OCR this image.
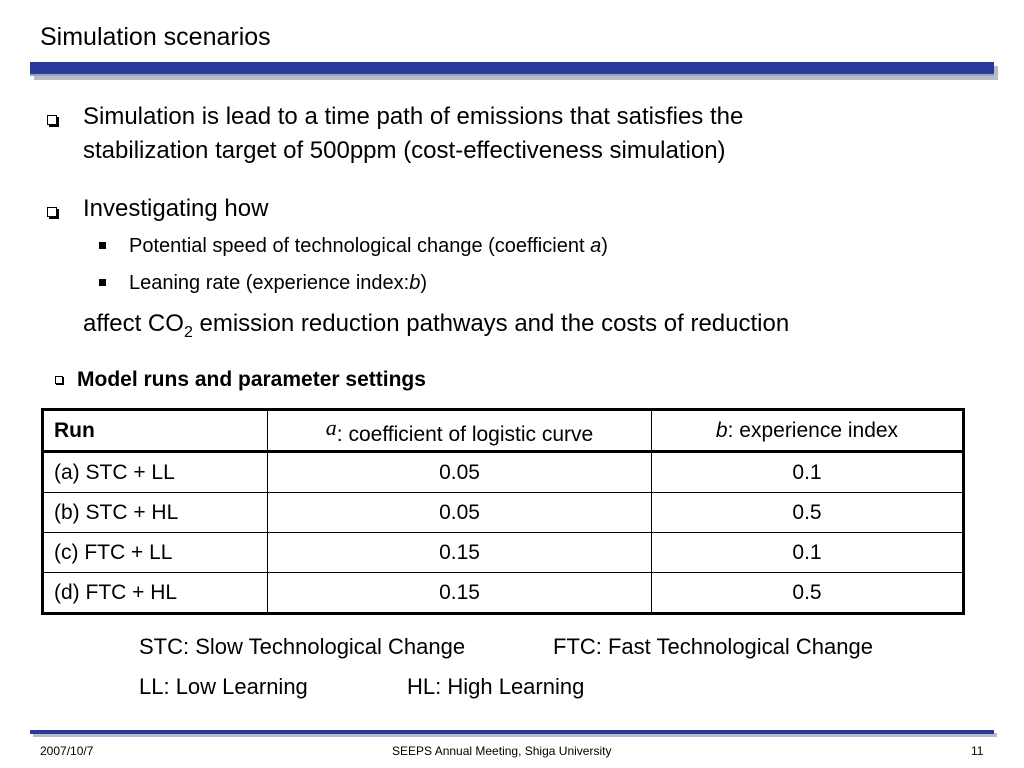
Simulation scenarios
Simulation is lead to a time path of emissions that satisfies the
stabilization target of 500ppm (cost-effectiveness simulation)
Investigating how
Potential speed of technological change (coefficient a)
Leaning rate (experience index:b)
affect $CO_2$ emission reduction pathways and the costs of reduction
Model runs and parameter settings
Run	a: coefficient of logistic curve	b: experience index
(a) STC + LL	0.05	0.1
(b) STC + HL	0.05	0.5
(c) FTC + LL	0.15	0.1
(d) FTC + HL	0.15	0.5
STC: Slow Technological Change	FTC: Fast Technological Change
LL: Low Learning	HL: High Learning
2007/10/7	SEEPS Annual Meeting, Shiga University	11
